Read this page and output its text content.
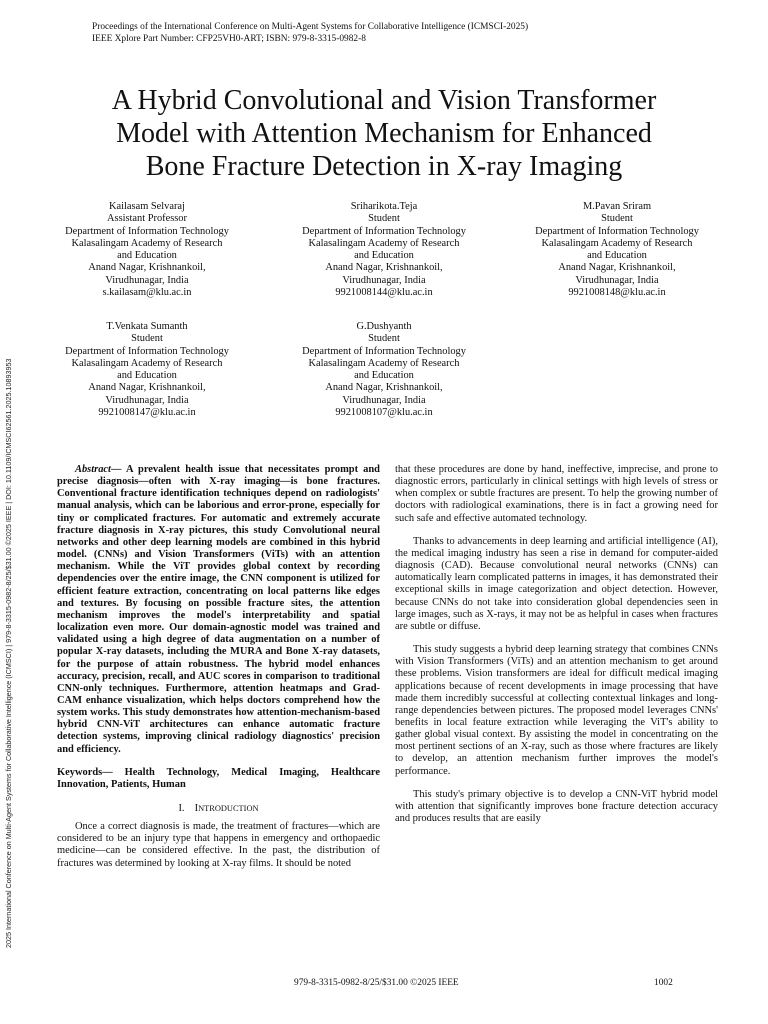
Proceedings of the International Conference on Multi-Agent Systems for Collaborative Intelligence (ICMSCI-2025)
IEEE Xplore Part Number: CFP25VH0-ART; ISBN: 979-8-3315-0982-8
2025 International Conference on Multi-Agent Systems for Collaborative Intelligence (ICMSCI) | 979-8-3315-0982-8/25/$31.00 ©2025 IEEE | DOI: 10.1109/ICMSCI62561.2025.10893953
A Hybrid Convolutional and Vision Transformer
Model with Attention Mechanism for Enhanced
Bone Fracture Detection in X-ray Imaging
Kailasam Selvaraj
Assistant Professor
Department of Information Technology
Kalasalingam Academy of Research
and Education
Anand Nagar, Krishnankoil,
Virudhunagar, India
s.kailasam@klu.ac.in
Sriharikota.Teja
Student
Department of Information Technology
Kalasalingam Academy of Research
and Education
Anand Nagar, Krishnankoil,
Virudhunagar, India
9921008144@klu.ac.in
M.Pavan Sriram
Student
Department of Information Technology
Kalasalingam Academy of Research
and Education
Anand Nagar, Krishnankoil,
Virudhunagar, India
9921008148@klu.ac.in
T.Venkata Sumanth
Student
Department of Information Technology
Kalasalingam Academy of Research
and Education
Anand Nagar, Krishnankoil,
Virudhunagar, India
9921008147@klu.ac.in
G.Dushyanth
Student
Department of Information Technology
Kalasalingam Academy of Research
and Education
Anand Nagar, Krishnankoil,
Virudhunagar, India
9921008107@klu.ac.in

Abstract— A prevalent health issue that necessitates prompt and precise diagnosis—often with X-ray imaging—is bone fractures. Conventional fracture identification techniques depend on radiologists' manual analysis, which can be laborious and error-prone, especially for tiny or complicated fractures. For automatic and extremely accurate fracture diagnosis in X-ray pictures, this study Convolutional neural networks and other deep learning models are combined in this hybrid model. (CNNs) and Vision Transformers (ViTs) with an attention mechanism. While the ViT provides global context by recording dependencies over the entire image, the CNN component is utilized for efficient feature extraction, concentrating on local patterns like edges and textures. By focusing on possible fracture sites, the attention mechanism improves the model's interpretability and spatial localization even more. Our domain-agnostic model was trained and validated using a high degree of data augmentation on a number of popular X-ray datasets, including the MURA and Bone X-ray datasets, for the purpose of attain robustness. The hybrid model enhances accuracy, precision, recall, and AUC scores in comparison to traditional CNN-only techniques. Furthermore, attention heatmaps and Grad-CAM enhance visualization, which helps doctors comprehend how the system works. This study demonstrates how attention-mechanism-based hybrid CNN-ViT architectures can enhance automatic fracture detection systems, improving clinical radiology diagnostics' precision and efficiency.

Keywords— Health Technology, Medical Imaging, Healthcare Innovation, Patients, Human

I. INTRODUCTION

Once a correct diagnosis is made, the treatment of fractures—which are considered to be an injury type that happens in emergency and orthopaedic medicine—can be considered effective. In the past, the distribution of fractures was determined by looking at X-ray films. It should be noted

that these procedures are done by hand, ineffective, imprecise, and prone to diagnostic errors, particularly in clinical settings with high levels of stress or when complex or subtle fractures are present. To help the growing number of doctors with radiological examinations, there is in fact a growing need for such safe and effective automated technology.

Thanks to advancements in deep learning and artificial intelligence (AI), the medical imaging industry has seen a rise in demand for computer-aided diagnosis (CAD). Because convolutional neural networks (CNNs) can automatically learn complicated patterns in images, it has demonstrated their exceptional skills in image categorization and object detection. However, because CNNs do not take into consideration global dependencies seen in large images, such as X-rays, it may not be as helpful in cases when fractures are subtle or diffuse.

This study suggests a hybrid deep learning strategy that combines CNNs with Vision Transformers (ViTs) and an attention mechanism to get around these problems. Vision transformers are ideal for difficult medical imaging applications because of recent developments in image processing that have made them incredibly successful at collecting contextual linkages and long-range dependencies between pictures. The proposed model leverages CNNs' benefits in local feature extraction while leveraging the ViT's ability to gather global visual context. By assisting the model in concentrating on the most pertinent sections of an X-ray, such as those where fractures are likely to develop, an attention mechanism further improves the model's performance.

This study's primary objective is to develop a CNN-ViT hybrid model with attention that significantly improves bone fracture detection accuracy and produces results that are easily

979-8-3315-0982-8/25/$31.00 ©2025 IEEE	1002
